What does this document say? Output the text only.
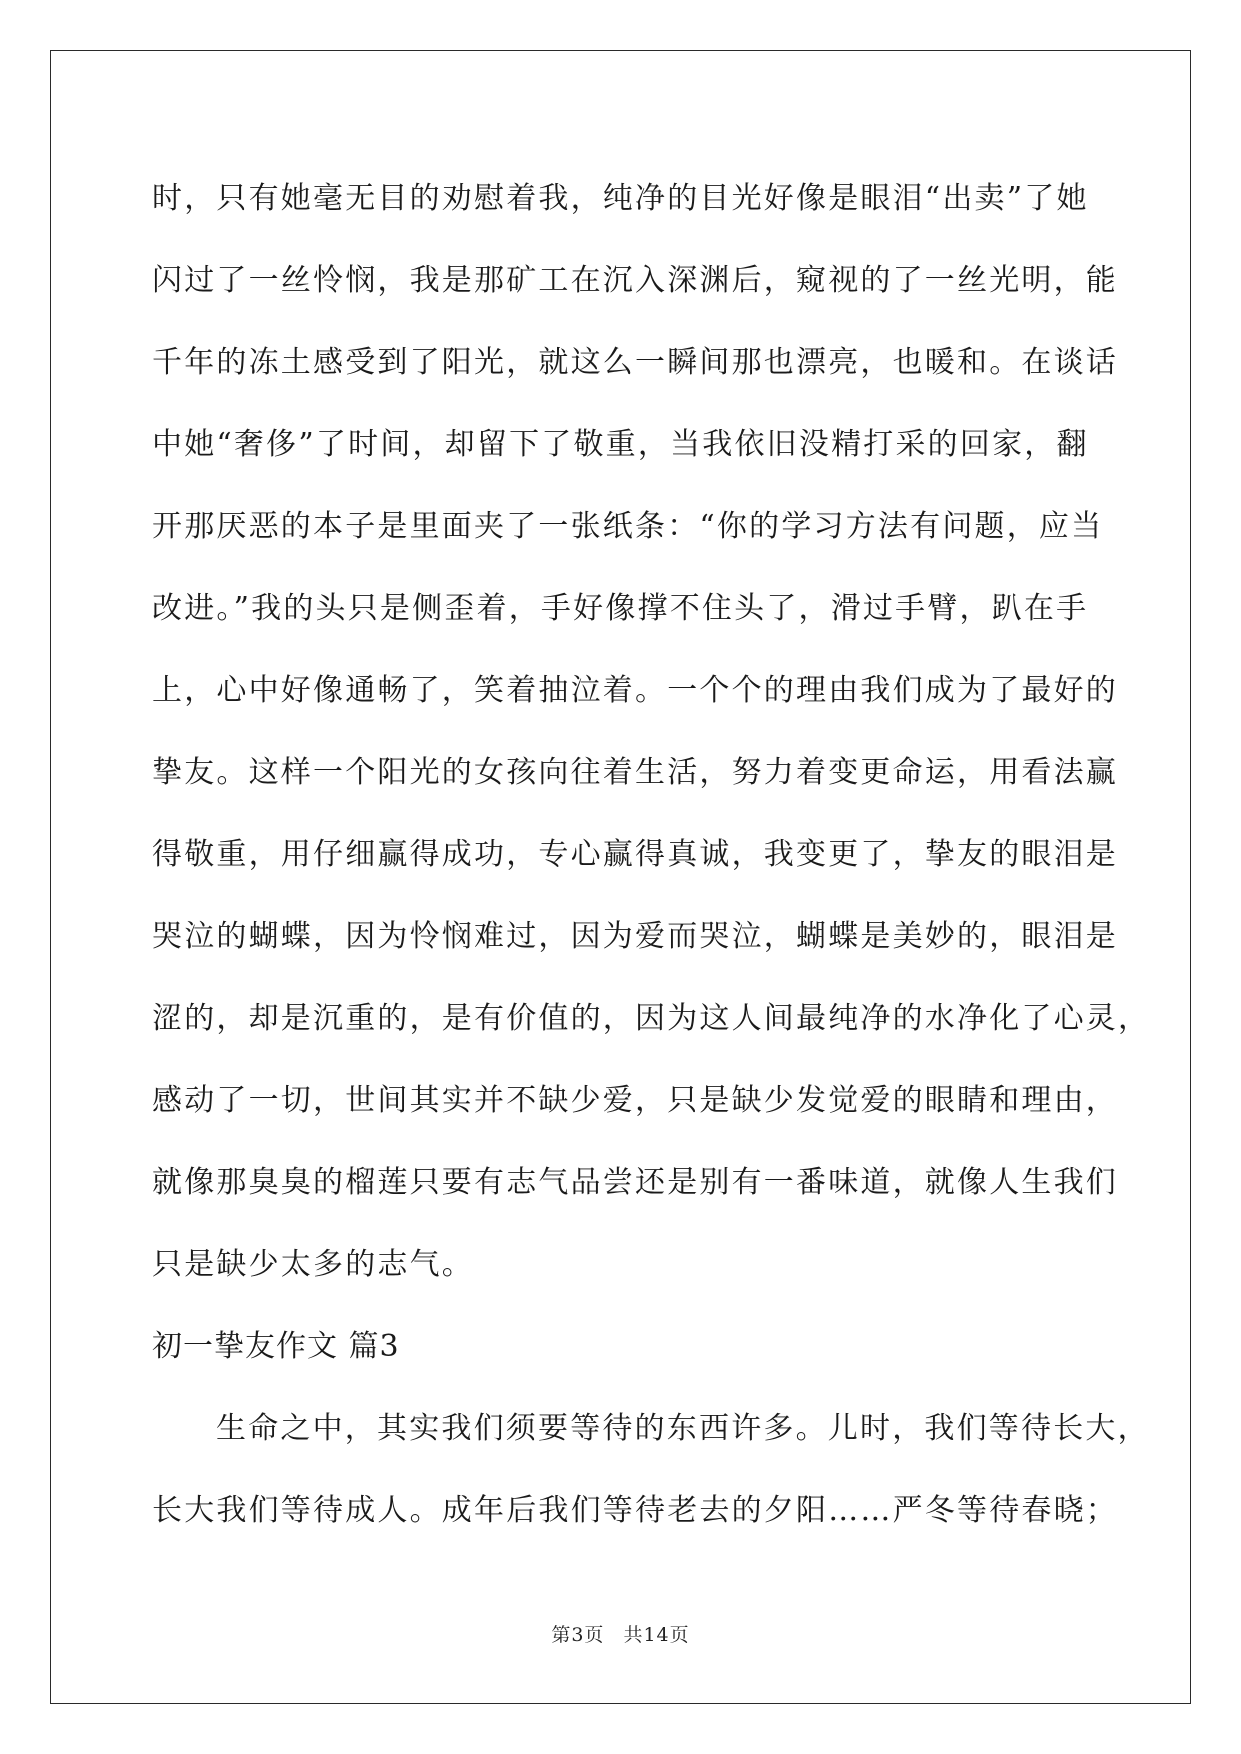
时，只有她毫无目的劝慰着我，纯净的目光好像是眼泪“出卖”了她
闪过了一丝怜悯，我是那矿工在沉入深渊后，窥视的了一丝光明，能
千年的冻土感受到了阳光，就这么一瞬间那也漂亮，也暖和。在谈话
中她“奢侈”了时间，却留下了敬重，当我依旧没精打采的回家，翻
开那厌恶的本子是里面夹了一张纸条：“你的学习方法有问题，应当
改进。”我的头只是侧歪着，手好像撑不住头了，滑过手臂，趴在手
上，心中好像通畅了，笑着抽泣着。一个个的理由我们成为了最好的
挚友。这样一个阳光的女孩向往着生活，努力着变更命运，用看法赢
得敬重，用仔细赢得成功，专心赢得真诚，我变更了，挚友的眼泪是
哭泣的蝴蝶，因为怜悯难过，因为爱而哭泣，蝴蝶是美妙的，眼泪是
涩的，却是沉重的，是有价值的，因为这人间最纯净的水净化了心灵，
感动了一切，世间其实并不缺少爱，只是缺少发觉爱的眼睛和理由，
就像那臭臭的榴莲只要有志气品尝还是别有一番味道，就像人生我们
只是缺少太多的志气。
初一挚友作文 篇3
生命之中，其实我们须要等待的东西许多。儿时，我们等待长大，
长大我们等待成人。成年后我们等待老去的夕阳……严冬等待春晓；
第3页 共14页
